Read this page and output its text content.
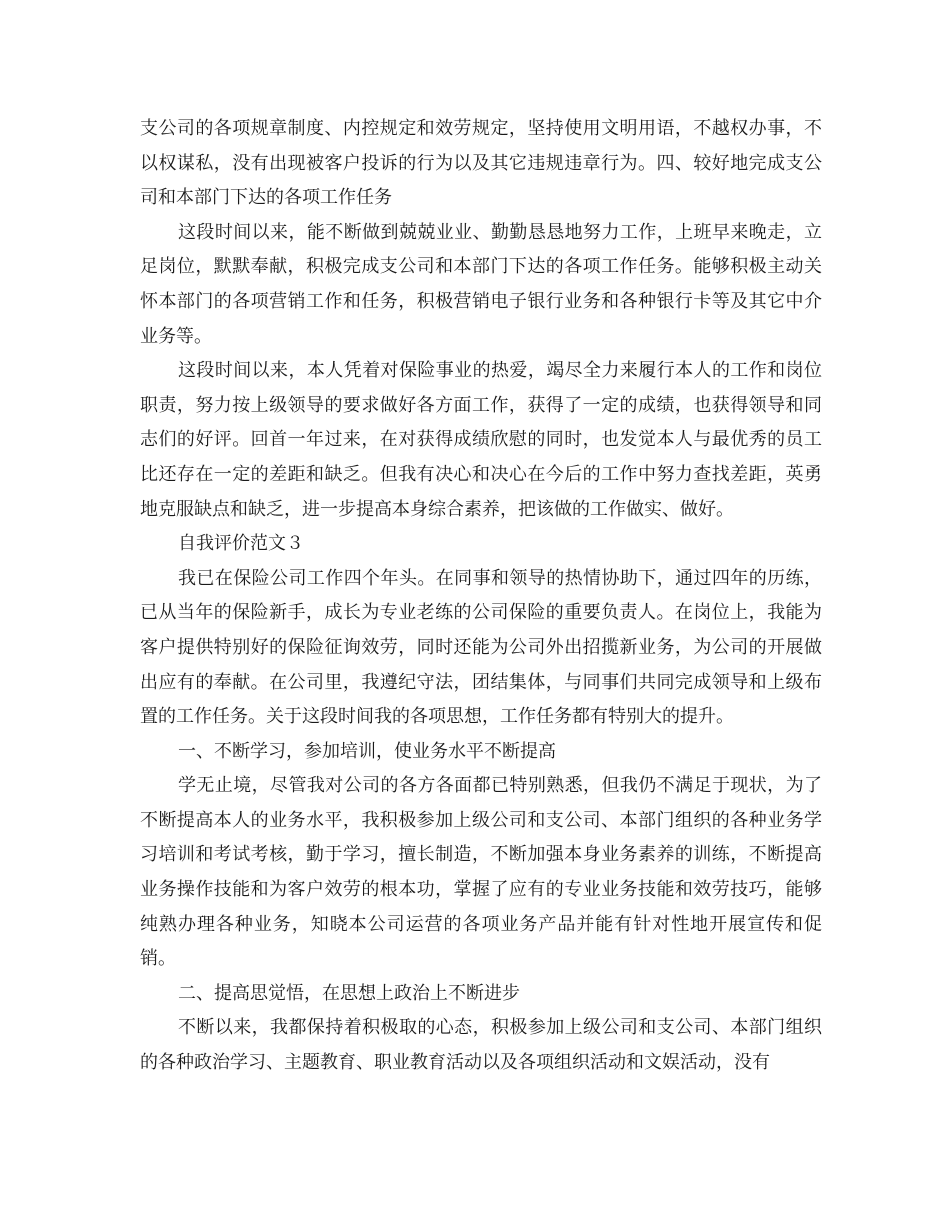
支公司的各项规章制度、内控规定和效劳规定，坚持使用文明用语，不越权办事，不以权谋私，没有出现被客户投诉的行为以及其它违规违章行为。四、较好地完成支公司和本部门下达的各项工作任务

这段时间以来，能不断做到兢兢业业、勤勤恳恳地努力工作，上班早来晚走，立足岗位，默默奉献，积极完成支公司和本部门下达的各项工作任务。能够积极主动关怀本部门的各项营销工作和任务，积极营销电子银行业务和各种银行卡等及其它中介业务等。

这段时间以来，本人凭着对保险事业的热爱，竭尽全力来履行本人的工作和岗位职责，努力按上级领导的要求做好各方面工作，获得了一定的成绩，也获得领导和同志们的好评。回首一年过来，在对获得成绩欣慰的同时，也发觉本人与最优秀的员工比还存在一定的差距和缺乏。但我有决心和决心在今后的工作中努力查找差距，英勇地克服缺点和缺乏，进一步提高本身综合素养，把该做的工作做实、做好。

自我评价范文３

我已在保险公司工作四个年头。在同事和领导的热情协助下，通过四年的历练，已从当年的保险新手，成长为专业老练的公司保险的重要负责人。在岗位上，我能为客户提供特别好的保险征询效劳，同时还能为公司外出招揽新业务，为公司的开展做出应有的奉献。在公司里，我遵纪守法，团结集体，与同事们共同完成领导和上级布置的工作任务。关于这段时间我的各项思想，工作任务都有特别大的提升。

一、不断学习，参加培训，使业务水平不断提高

学无止境，尽管我对公司的各方各面都已特别熟悉，但我仍不满足于现状，为了不断提高本人的业务水平，我积极参加上级公司和支公司、本部门组织的各种业务学习培训和考试考核，勤于学习，擅长制造，不断加强本身业务素养的训练，不断提高业务操作技能和为客户效劳的根本功，掌握了应有的专业业务技能和效劳技巧，能够纯熟办理各种业务，知晓本公司运营的各项业务产品并能有针对性地开展宣传和促销。

二、提高思觉悟，在思想上政治上不断进步

不断以来，我都保持着积极取的心态，积极参加上级公司和支公司、本部门组织的各种政治学习、主题教育、职业教育活动以及各项组织活动和文娱活动，没有
